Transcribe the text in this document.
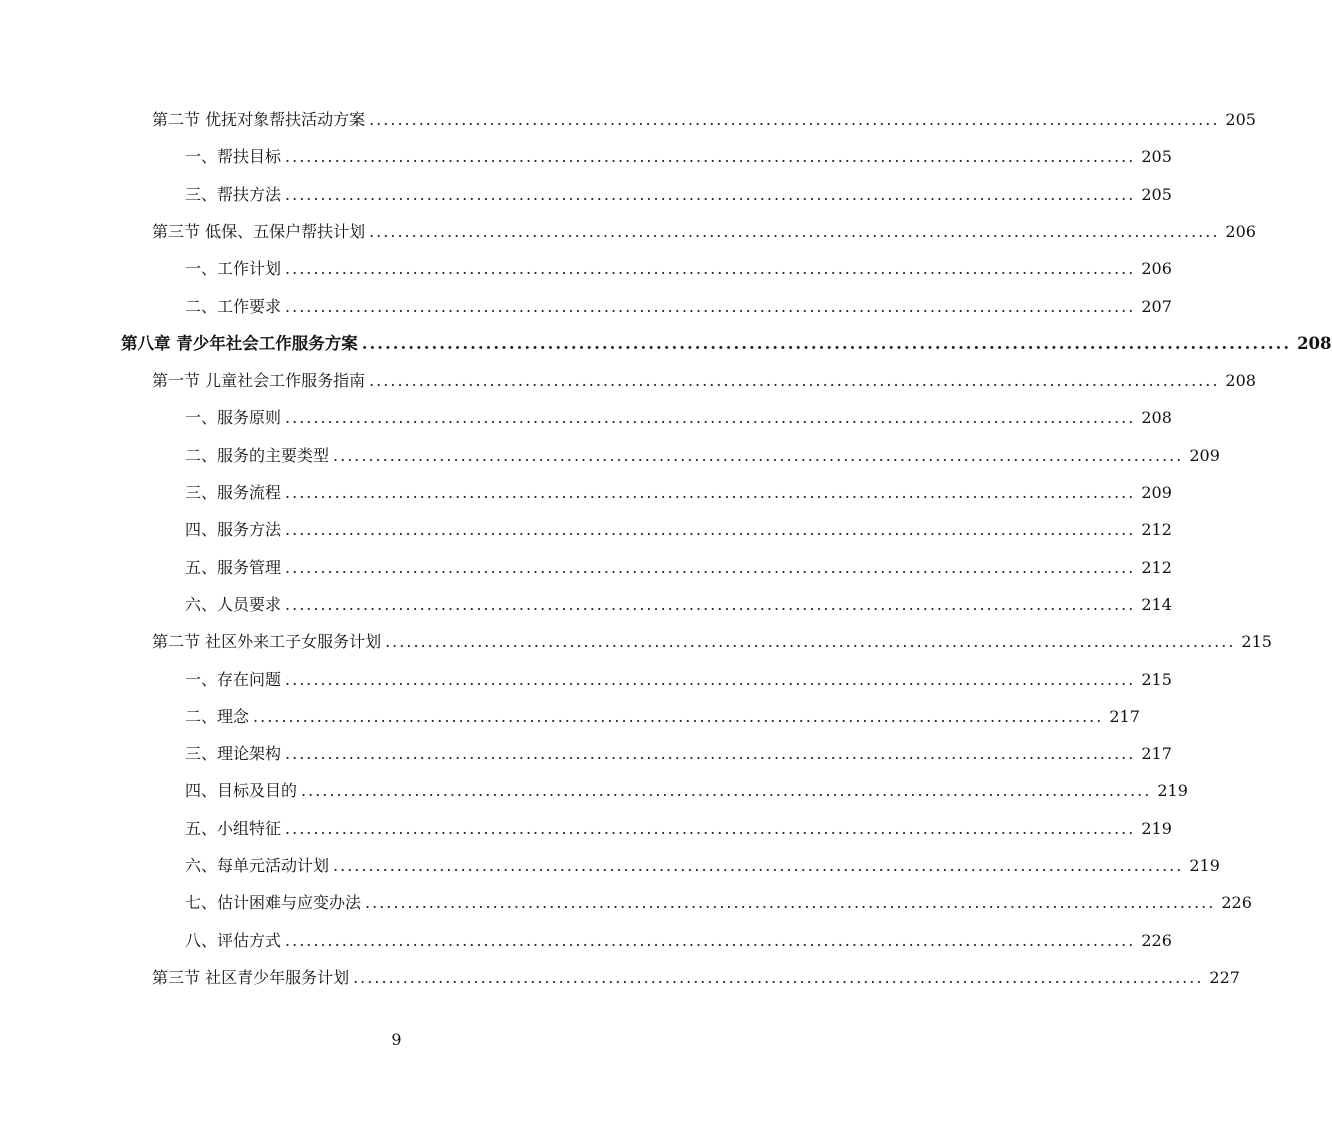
第二节 优抚对象帮扶活动方案 ........................................................................................................................ 205
一、帮扶目标 ........................................................................................................................ 205
三、帮扶方法 ........................................................................................................................ 205
第三节 低保、五保户帮扶计划 ........................................................................................................................ 206
一、工作计划 ........................................................................................................................ 206
二、工作要求 ........................................................................................................................ 207
第八章 青少年社会工作服务方案 ........................................................................................................................ 208
第一节 儿童社会工作服务指南 ........................................................................................................................ 208
一、服务原则 ........................................................................................................................ 208
二、服务的主要类型 ........................................................................................................................ 209
三、服务流程 ........................................................................................................................ 209
四、服务方法 ........................................................................................................................ 212
五、服务管理 ........................................................................................................................ 212
六、人员要求 ........................................................................................................................ 214
第二节 社区外来工子女服务计划 ........................................................................................................................ 215
一、存在问题 ........................................................................................................................ 215
二、理念 ........................................................................................................................ 217
三、理论架构 ........................................................................................................................ 217
四、目标及目的 ........................................................................................................................ 219
五、小组特征 ........................................................................................................................ 219
六、每单元活动计划 ........................................................................................................................ 219
七、估计困难与应变办法 ........................................................................................................................ 226
八、评估方式 ........................................................................................................................ 226
第三节 社区青少年服务计划 ........................................................................................................................ 227
9
